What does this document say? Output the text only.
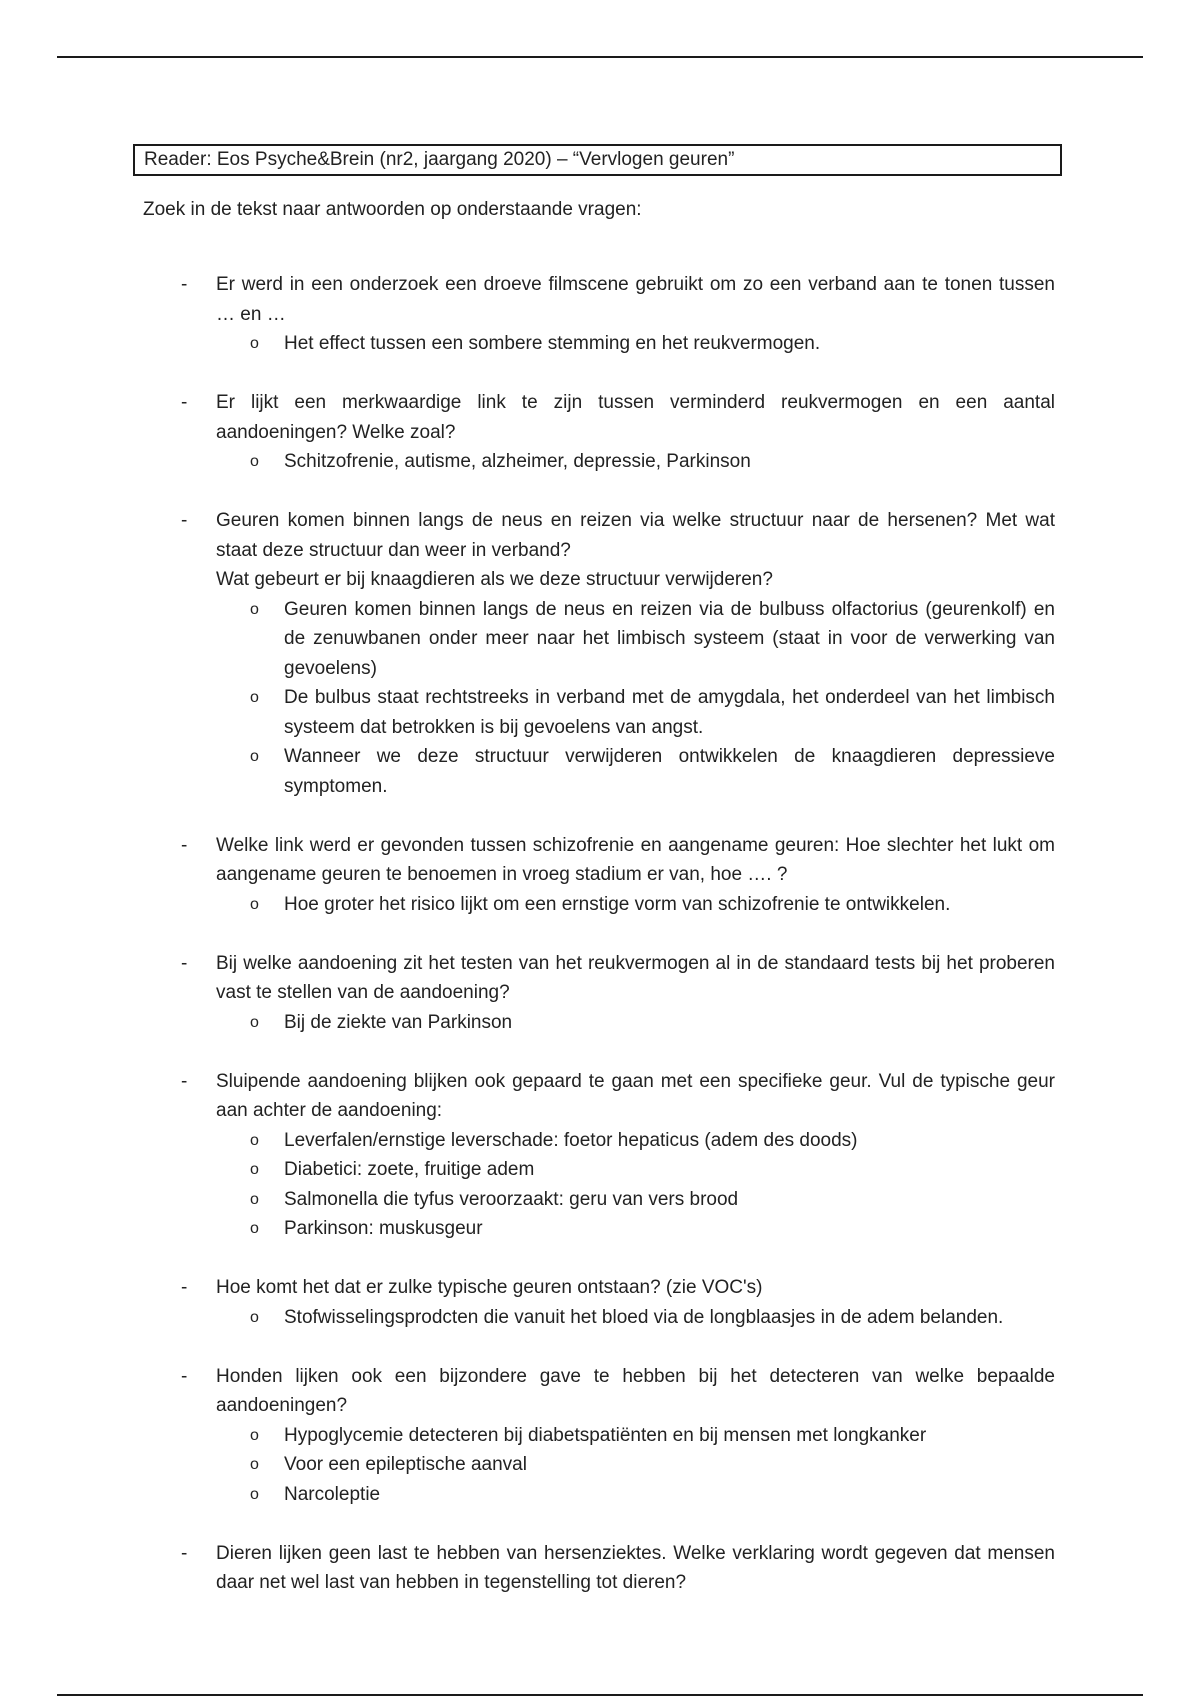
Reader: Eos Psyche&Brein (nr2, jaargang 2020) – “Vervlogen geuren”
Zoek in de tekst naar antwoorden op onderstaande vragen:
-	Er werd in een onderzoek een droeve filmscene gebruikt om zo een verband aan te tonen tussen … en …
o	Het effect tussen een sombere stemming en het reukvermogen.
-	Er lijkt een merkwaardige link te zijn tussen verminderd reukvermogen en een aantal aandoeningen? Welke zoal?
o	Schitzofrenie, autisme, alzheimer, depressie, Parkinson
-	Geuren komen binnen langs de neus en reizen via welke structuur naar de hersenen? Met wat staat deze structuur dan weer in verband?
Wat gebeurt er bij knaagdieren als we deze structuur verwijderen?
o	Geuren komen binnen langs de neus en reizen via de bulbuss olfactorius (geurenkolf) en de zenuwbanen onder meer naar het limbisch systeem (staat in voor de verwerking van gevoelens)
o	De bulbus staat rechtstreeks in verband met de amygdala, het onderdeel van het limbisch systeem dat betrokken is bij gevoelens van angst.
o	Wanneer we deze structuur verwijderen ontwikkelen de knaagdieren depressieve symptomen.
-	Welke link werd er gevonden tussen schizofrenie en aangename geuren: Hoe slechter het lukt om aangename geuren te benoemen in vroeg stadium er van, hoe …. ?
o	Hoe groter het risico lijkt om een ernstige vorm van schizofrenie te ontwikkelen.
-	Bij welke aandoening zit het testen van het reukvermogen al in de standaard tests bij het proberen vast te stellen van de aandoening?
o	Bij de ziekte van Parkinson
-	Sluipende aandoening blijken ook gepaard te gaan met een specifieke geur. Vul de typische geur aan achter de aandoening:
o	Leverfalen/ernstige leverschade: foetor hepaticus (adem des doods)
o	Diabetici: zoete, fruitige adem
o	Salmonella die tyfus veroorzaakt: geru van vers brood
o	Parkinson: muskusgeur
-	Hoe komt het dat er zulke typische geuren ontstaan? (zie VOC's)
o	Stofwisselingsprodcten die vanuit het bloed via de longblaasjes in de adem belanden.
-	Honden lijken ook een bijzondere gave te hebben bij het detecteren van welke bepaalde aandoeningen?
o	Hypoglycemie detecteren bij diabetspatiënten en bij mensen met longkanker
o	Voor een epileptische aanval
o	Narcoleptie
-	Dieren lijken geen last te hebben van hersenziektes. Welke verklaring wordt gegeven dat mensen daar net wel last van hebben in tegenstelling tot dieren?
